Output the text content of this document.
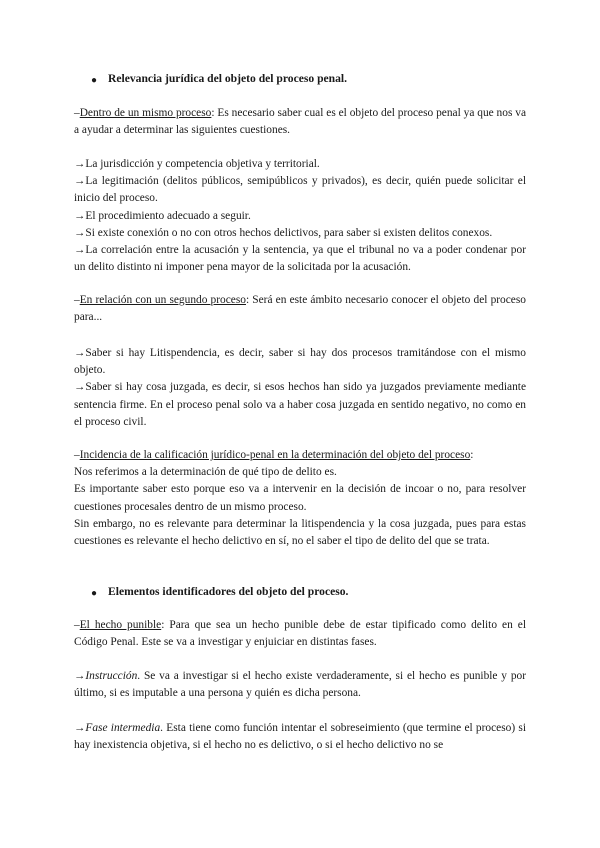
● Relevancia jurídica del objeto del proceso penal.
–Dentro de un mismo proceso: Es necesario saber cual es el objeto del proceso penal ya que nos va a ayudar a determinar las siguientes cuestiones.

→La jurisdicción y competencia objetiva y territorial.

→La legitimación (delitos públicos, semipúblicos y privados), es decir, quién puede solicitar el inicio del proceso.

→El procedimiento adecuado a seguir.

→Si existe conexión o no con otros hechos delictivos, para saber si existen delitos conexos.

→La correlación entre la acusación y la sentencia, ya que el tribunal no va a poder condenar por un delito distinto ni imponer pena mayor de la solicitada por la acusación.

–En relación con un segundo proceso: Será en este ámbito necesario conocer el objeto del proceso para...

→Saber si hay Litispendencia, es decir, saber si hay dos procesos tramitándose con el mismo objeto.

→Saber si hay cosa juzgada, es decir, si esos hechos han sido ya juzgados previamente mediante sentencia firme. En el proceso penal solo va a haber cosa juzgada en sentido negativo, no como en el proceso civil.

–Incidencia de la calificación jurídico-penal en la determinación del objeto del proceso:

Nos referimos a la determinación de qué tipo de delito es.

Es importante saber esto porque eso va a intervenir en la decisión de incoar o no, para resolver cuestiones procesales dentro de un mismo proceso.

Sin embargo, no es relevante para determinar la litispendencia y la cosa juzgada, pues para estas cuestiones es relevante el hecho delictivo en sí, no el saber el tipo de delito del que se trata.

● Elementos identificadores del objeto del proceso.
–El hecho punible: Para que sea un hecho punible debe de estar tipificado como delito en el Código Penal. Este se va a investigar y enjuiciar en distintas fases.
→Instrucción. Se va a investigar si el hecho existe verdaderamente, si el hecho es punible y por último, si es imputable a una persona y quién es dicha persona.
→Fase intermedia. Esta tiene como función intentar el sobreseimiento (que termine el proceso) si hay inexistencia objetiva, si el hecho no es delictivo, o si el hecho delictivo no se
